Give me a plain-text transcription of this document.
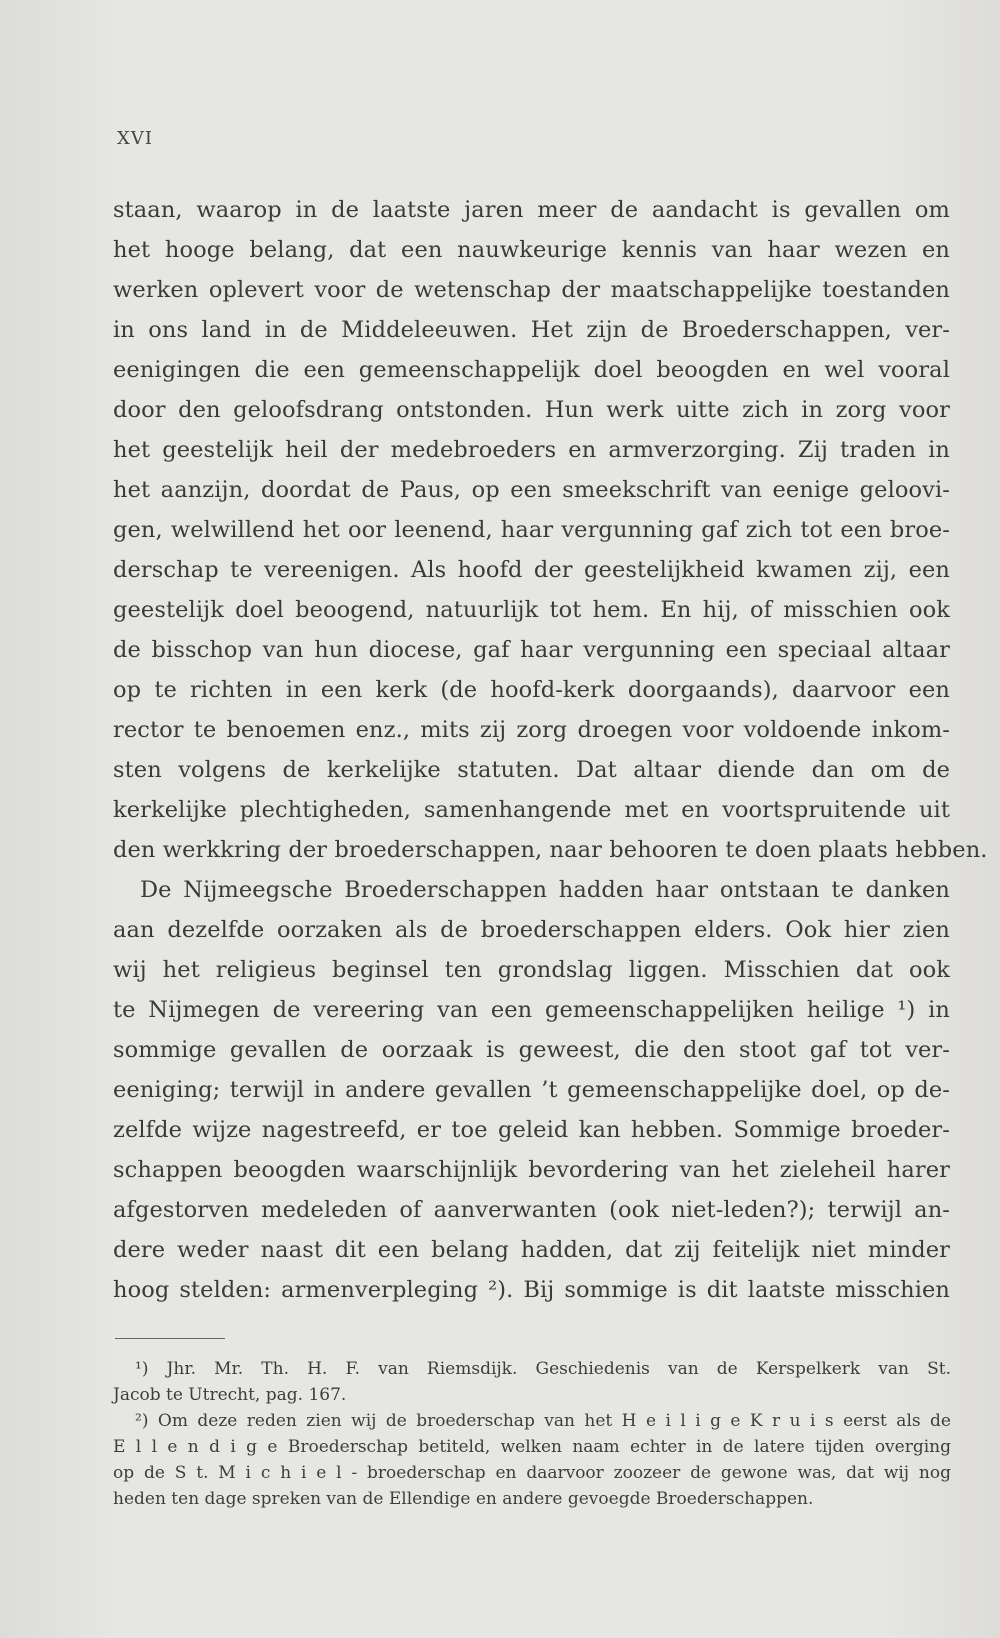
XVI
staan, waarop in de laatste jaren meer de aandacht is gevallen om
het hooge belang, dat een nauwkeurige kennis van haar wezen en
werken oplevert voor de wetenschap der maatschappelijke toestanden
in ons land in de Middeleeuwen. Het zijn de Broederschappen, ver-
eenigingen die een gemeenschappelijk doel beoogden en wel vooral
door den geloofsdrang ontstonden. Hun werk uitte zich in zorg voor
het geestelijk heil der medebroeders en armverzorging. Zij traden in
het aanzijn, doordat de Paus, op een smeekschrift van eenige geloovi-
gen, welwillend het oor leenend, haar vergunning gaf zich tot een broe-
derschap te vereenigen. Als hoofd der geestelijkheid kwamen zij, een
geestelijk doel beoogend, natuurlijk tot hem. En hij, of misschien ook
de bisschop van hun diocese, gaf haar vergunning een speciaal altaar
op te richten in een kerk (de hoofd-kerk doorgaands), daarvoor een
rector te benoemen enz., mits zij zorg droegen voor voldoende inkom-
sten volgens de kerkelijke statuten. Dat altaar diende dan om de
kerkelijke plechtigheden, samenhangende met en voortspruitende uit
den werkkring der broederschappen, naar behooren te doen plaats hebben.
De Nijmeegsche Broederschappen hadden haar ontstaan te danken
aan dezelfde oorzaken als de broederschappen elders. Ook hier zien
wij het religieus beginsel ten grondslag liggen. Misschien dat ook
te Nijmegen de vereering van een gemeenschappelijken heilige ¹) in
sommige gevallen de oorzaak is geweest, die den stoot gaf tot ver-
eeniging; terwijl in andere gevallen ’t gemeenschappelijke doel, op de-
zelfde wijze nagestreefd, er toe geleid kan hebben. Sommige broeder-
schappen beoogden waarschijnlijk bevordering van het zieleheil harer
afgestorven medeleden of aanverwanten (ook niet-leden?); terwijl an-
dere weder naast dit een belang hadden, dat zij feitelijk niet minder
hoog stelden: armenverpleging ²). Bij sommige is dit laatste misschien
¹) Jhr. Mr. Th. H. F. van Riemsdijk. Geschiedenis van de Kerspelkerk van St.
Jacob te Utrecht, pag. 167.
²) Om deze reden zien wij de broederschap van het H e i l i g e K r u i s eerst als de
E l l e n d i g e Broederschap betiteld, welken naam echter in de latere tijden overging
op de S t. M i c h i e l - broederschap en daarvoor zoozeer de gewone was, dat wij nog
heden ten dage spreken van de Ellendige en andere gevoegde Broederschappen.
